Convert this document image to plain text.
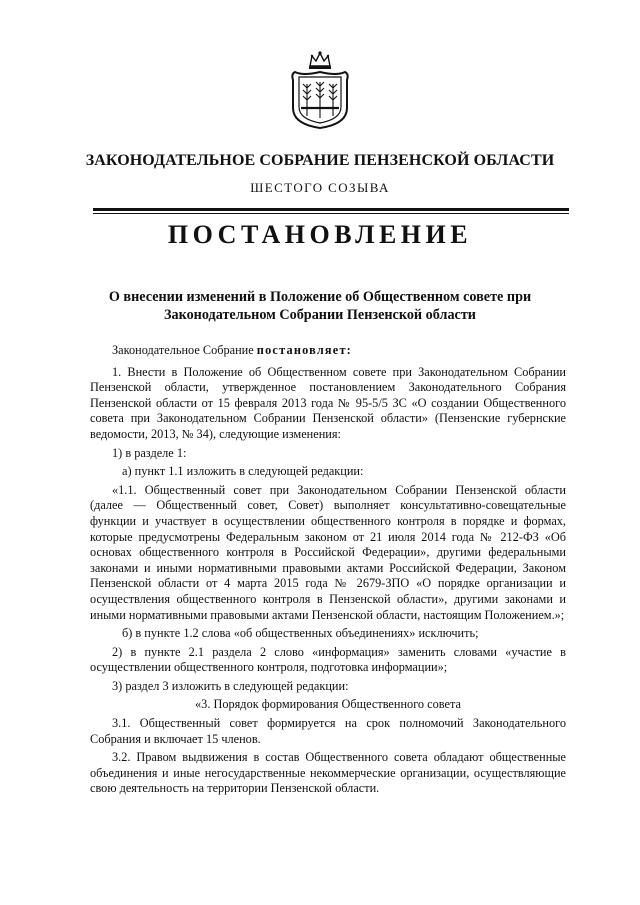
ЗАКОНОДАТЕЛЬНОЕ СОБРАНИЕ ПЕНЗЕНСКОЙ ОБЛАСТИ
ШЕСТОГО СОЗЫВА
ПОСТАНОВЛЕНИЕ
О внесении изменений в Положение об Общественном совете при
Законодательном Собрании Пензенской области

Законодательное Собрание постановляет:

1. Внести в Положение об Общественном совете при Законодательном Собрании Пензенской области, утвержденное постановлением Законодательного Собрания Пензенской области от 15 февраля 2013 года № 95-5/5 ЗС «О создании Общественного совета при Законодательном Собрании Пензенской области» (Пензенские губернские ведомости, 2013, № 34), следующие изменения:

1) в разделе 1:

а) пункт 1.1 изложить в следующей редакции:

«1.1. Общественный совет при Законодательном Собрании Пензенской области (далее — Общественный совет, Совет) выполняет консультативно-совещательные функции и участвует в осуществлении общественного контроля в порядке и формах, которые предусмотрены Федеральным законом от 21 июля 2014 года № 212-ФЗ «Об основах общественного контроля в Российской Федерации», другими федеральными законами и иными нормативными правовыми актами Российской Федерации, Законом Пензенской области от 4 марта 2015 года № 2679-ЗПО «О порядке организации и осуществления общественного контроля в Пензенской области», другими законами и иными нормативными правовыми актами Пензенской области, настоящим Положением.»;

б) в пункте 1.2 слова «об общественных объединениях» исключить;

2) в пункте 2.1 раздела 2 слово «информация» заменить словами «участие в осуществлении общественного контроля, подготовка информации»;

3) раздел 3 изложить в следующей редакции:

«3. Порядок формирования Общественного совета

3.1. Общественный совет формируется на срок полномочий Законодательного Собрания и включает 15 членов.

3.2. Правом выдвижения в состав Общественного совета обладают общественные объединения и иные негосударственные некоммерческие организации, осуществляющие свою деятельность на территории Пензенской области.
